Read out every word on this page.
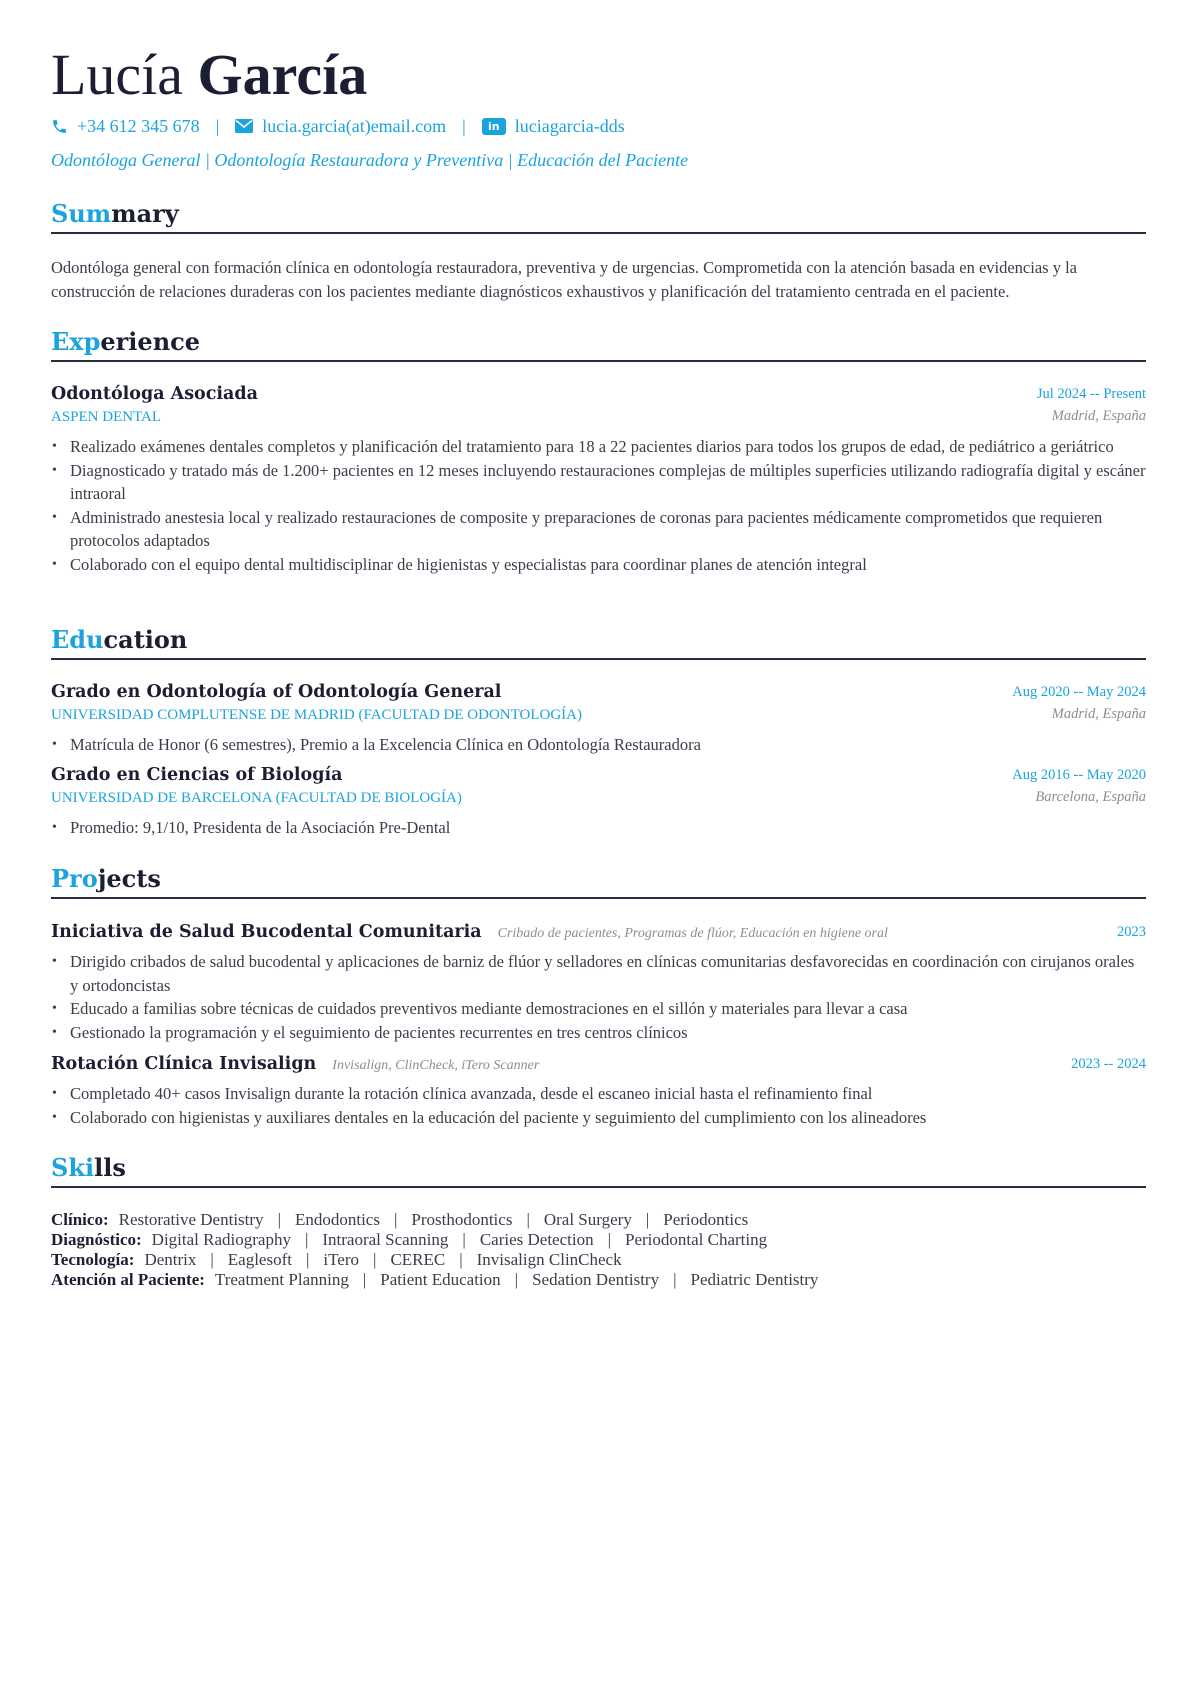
Lucía García
+34 612 345 678 | lucia.garcia(at)email.com |	in luciagarcia-dds
Odontóloga General | Odontología Restauradora y Preventiva | Educación del Paciente
Summary
Odontóloga general con formación clínica en odontología restauradora, preventiva y de urgencias. Comprometida con la atención basada en evidencias y la construcción de relaciones duraderas con los pacientes mediante diagnósticos exhaustivos y planificación del tratamiento centrada en el paciente.
Experience
Odontóloga Asociada	Jul 2024 -- Present
ASPEN DENTAL	Madrid, España
• Realizado exámenes dentales completos y planificación del tratamiento para 18 a 22 pacientes diarios para todos los grupos de edad, de pediátrico a geriátrico
• Diagnosticado y tratado más de 1.200+ pacientes en 12 meses incluyendo restauraciones complejas de múltiples superficies utilizando radiografía digital y escáner intraoral
• Administrado anestesia local y realizado restauraciones de composite y preparaciones de coronas para pacientes médicamente comprometidos que requieren protocolos adaptados
• Colaborado con el equipo dental multidisciplinar de higienistas y especialistas para coordinar planes de atención integral
Education
Grado en Odontología of Odontología General	Aug 2020 -- May 2024
UNIVERSIDAD COMPLUTENSE DE MADRID (FACULTAD DE ODONTOLOGÍA)	Madrid, España
• Matrícula de Honor (6 semestres), Premio a la Excelencia Clínica en Odontología Restauradora
Grado en Ciencias of Biología	Aug 2016 -- May 2020
UNIVERSIDAD DE BARCELONA (FACULTAD DE BIOLOGÍA)	Barcelona, España
• Promedio: 9,1/10, Presidenta de la Asociación Pre-Dental
Projects
Iniciativa de Salud Bucodental Comunitaria Cribado de pacientes, Programas de flúor, Educación en higiene oral	2023
• Dirigido cribados de salud bucodental y aplicaciones de barniz de flúor y selladores en clínicas comunitarias desfavorecidas en coordinación con cirujanos orales y ortodoncistas
• Educado a familias sobre técnicas de cuidados preventivos mediante demostraciones en el sillón y materiales para llevar a casa
• Gestionado la programación y el seguimiento de pacientes recurrentes en tres centros clínicos
Rotación Clínica Invisalign Invisalign, ClinCheck, iTero Scanner	2023 -- 2024
• Completado 40+ casos Invisalign durante la rotación clínica avanzada, desde el escaneo inicial hasta el refinamiento final
• Colaborado con higienistas y auxiliares dentales en la educación del paciente y seguimiento del cumplimiento con los alineadores
Skills
Clínico: Restorative Dentistry | Endodontics | Prosthodontics | Oral Surgery | Periodontics
Diagnóstico: Digital Radiography | Intraoral Scanning | Caries Detection | Periodontal Charting
Tecnología: Dentrix | Eaglesoft | iTero | CEREC | Invisalign ClinCheck
Atención al Paciente: Treatment Planning | Patient Education | Sedation Dentistry | Pediatric Dentistry
